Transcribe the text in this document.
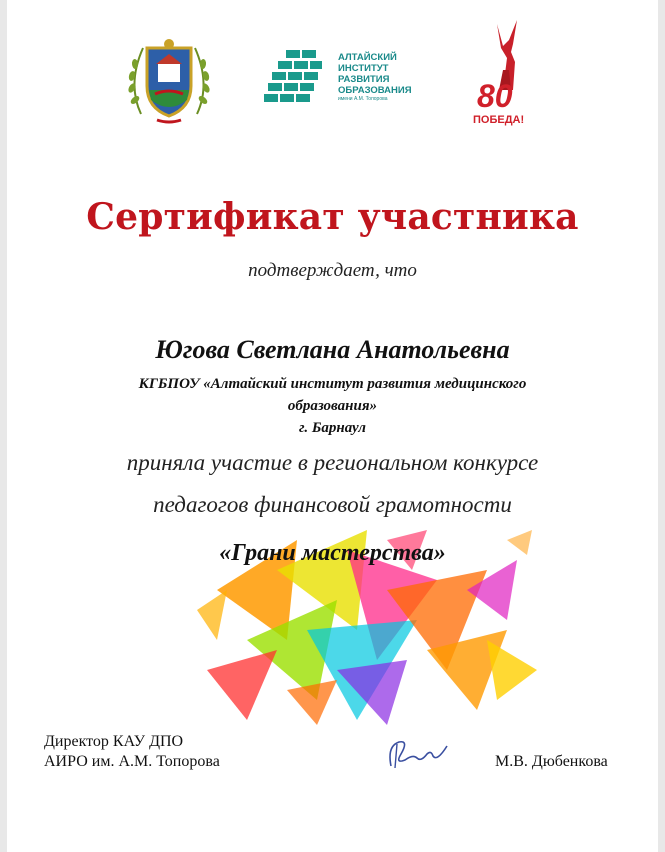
АЛТАЙСКИЙ
ИНСТИТУТ
РАЗВИТИЯ
ОБРАЗОВАНИЯ
имени А.М. Топорова	80
ПОБЕДА!
Сертификат участника
подтверждает, что
Югова Светлана Анатольевна
КГБПОУ «Алтайский институт развития медицинского
образования»
г. Барнаул
приняла участие в региональном конкурсе
педагогов финансовой грамотности
«Грани мастерства»
Директор КАУ ДПО
АИРО им. А.М. Топорова	М.В. Дюбенкова
